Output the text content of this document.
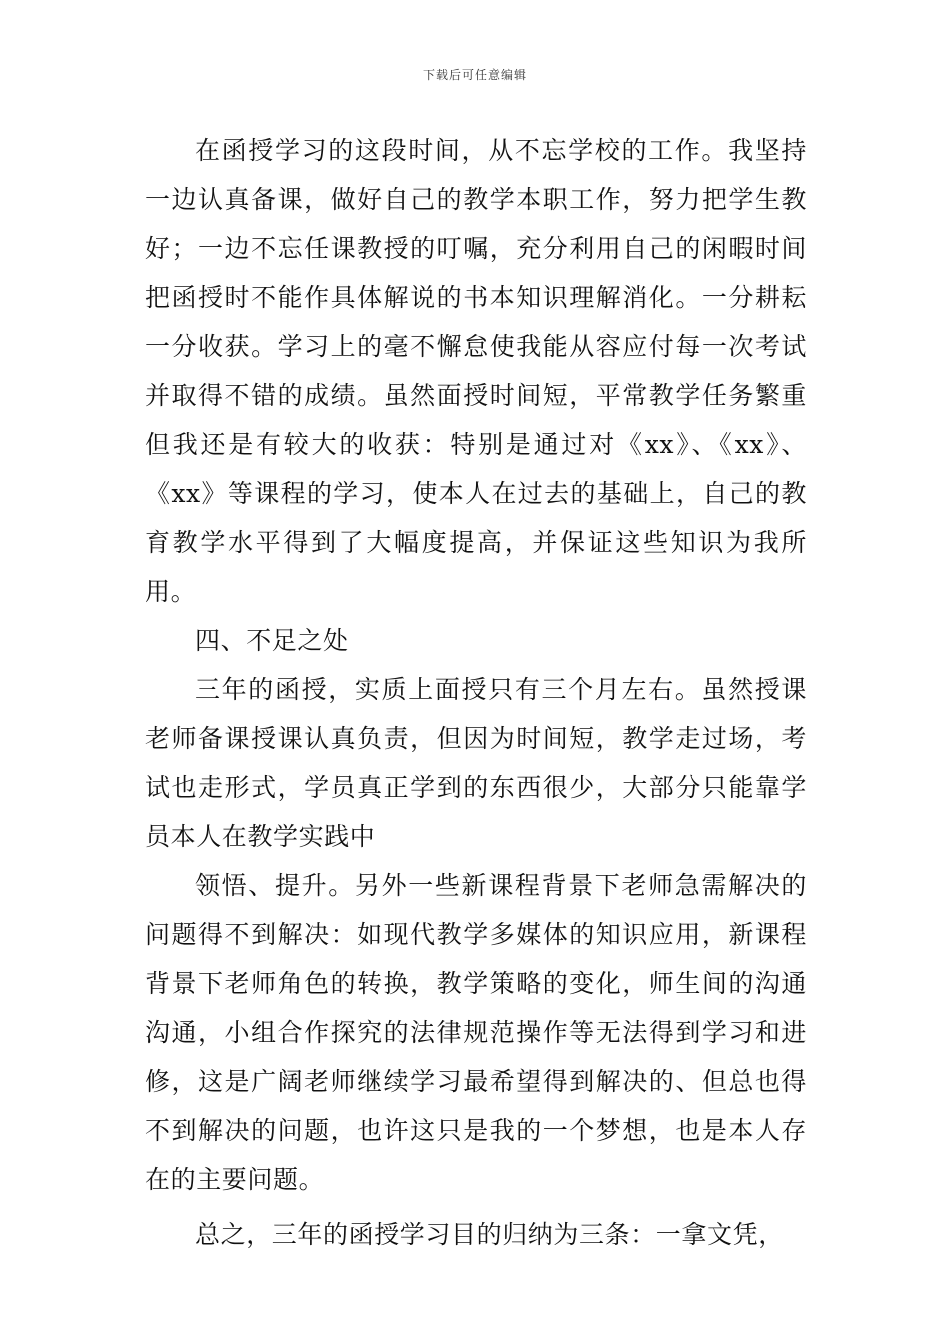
下载后可任意编辑

在函授学习的这段时间，从不忘学校的工作。我坚持一边认真备课，做好自己的教学本职工作，努力把学生教好；一边不忘任课教授的叮嘱，充分利用自己的闲暇时间把函授时不能作具体解说的书本知识理解消化。一分耕耘一分收获。学习上的毫不懈怠使我能从容应付每一次考试并取得不错的成绩。虽然面授时间短，平常教学任务繁重但我还是有较大的收获：特别是通过对《xx》、《xx》、《xx》等课程的学习，使本人在过去的基础上，自己的教育教学水平得到了大幅度提高，并保证这些知识为我所用。

四、不足之处

三年的函授，实质上面授只有三个月左右。虽然授课老师备课授课认真负责，但因为时间短，教学走过场，考试也走形式，学员真正学到的东西很少，大部分只能靠学员本人在教学实践中

领悟、提升。另外一些新课程背景下老师急需解决的问题得不到解决：如现代教学多媒体的知识应用，新课程背景下老师角色的转换，教学策略的变化，师生间的沟通沟通，小组合作探究的法律规范操作等无法得到学习和进修，这是广阔老师继续学习最希望得到解决的、但总也得不到解决的问题，也许这只是我的一个梦想，也是本人存在的主要问题。

总之，三年的函授学习目的归纳为三条：一拿文凭，
